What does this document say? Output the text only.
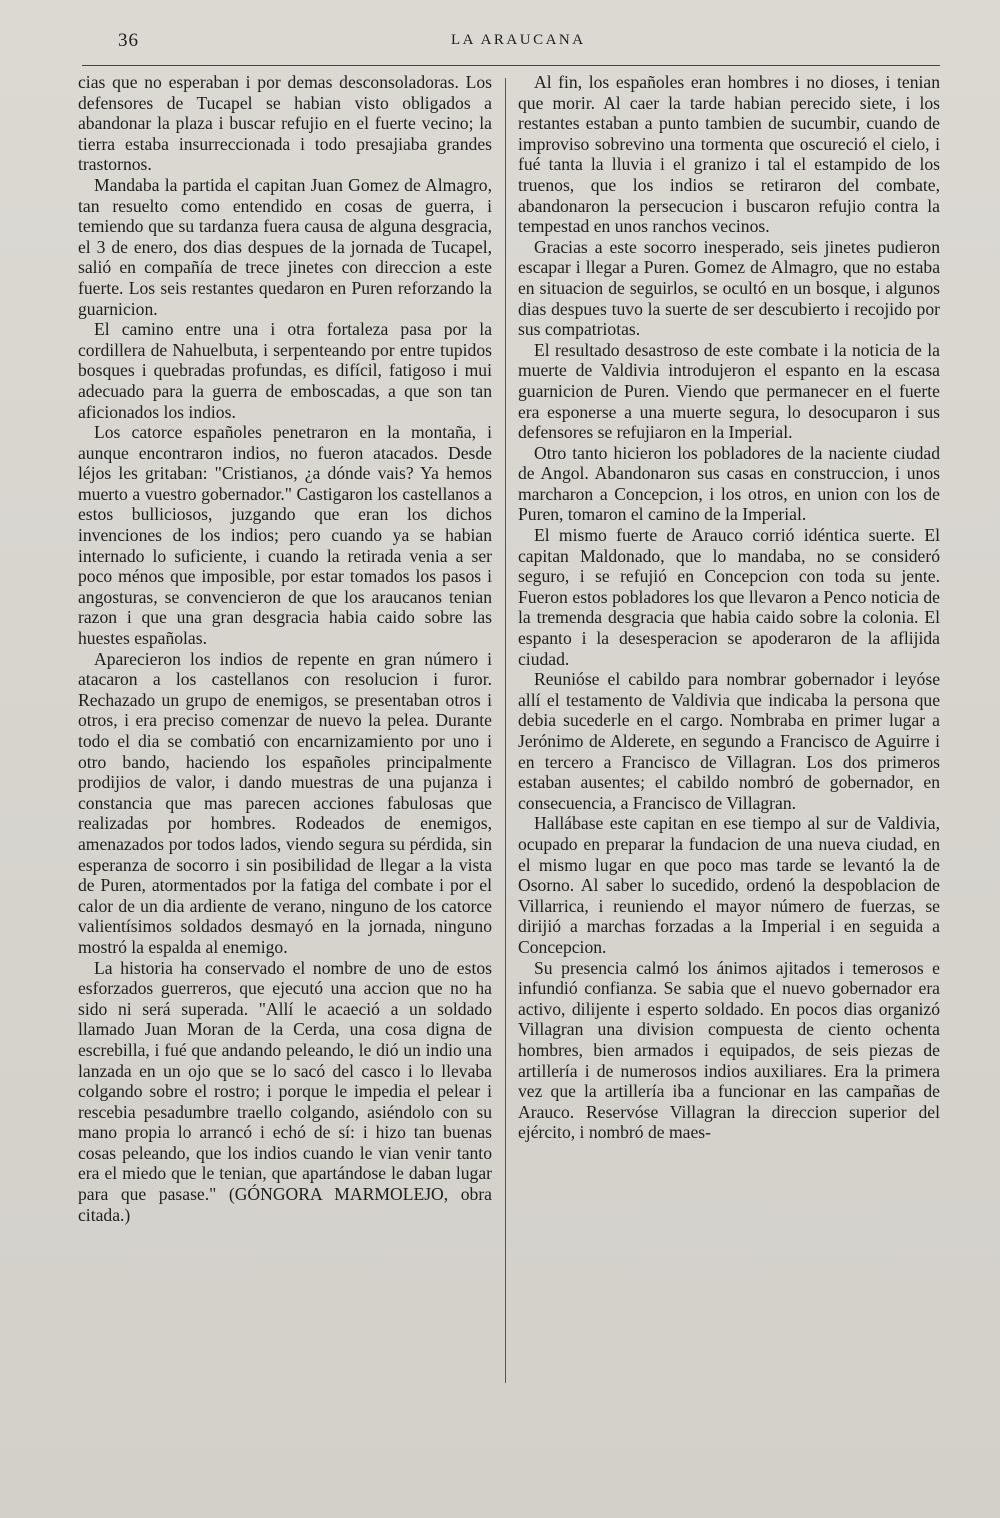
36	LA ARAUCANA

cias que no esperaban i por demas desconsoladoras. Los defensores de Tucapel se habian visto obligados a abandonar la plaza i buscar refujio en el fuerte vecino; la tierra estaba insurreccionada i todo presajiaba grandes trastornos.

Mandaba la partida el capitan Juan Gomez de Almagro, tan resuelto como entendido en cosas de guerra, i temiendo que su tardanza fuera causa de alguna desgracia, el 3 de enero, dos dias despues de la jornada de Tucapel, salió en compañía de trece jinetes con direccion a este fuerte. Los seis restantes quedaron en Puren reforzando la guarnicion.

El camino entre una i otra fortaleza pasa por la cordillera de Nahuelbuta, i serpenteando por entre tupidos bosques i quebradas profundas, es difícil, fatigoso i mui adecuado para la guerra de emboscadas, a que son tan aficionados los indios.

Los catorce españoles penetraron en la montaña, i aunque encontraron indios, no fueron atacados. Desde léjos les gritaban: "Cristianos, ¿a dónde vais? Ya hemos muerto a vuestro gobernador." Castigaron los castellanos a estos bulliciosos, juzgando que eran los dichos invenciones de los indios; pero cuando ya se habian internado lo suficiente, i cuando la retirada venia a ser poco ménos que imposible, por estar tomados los pasos i angosturas, se convencieron de que los araucanos tenian razon i que una gran desgracia habia caido sobre las huestes españolas.

Aparecieron los indios de repente en gran número i atacaron a los castellanos con resolucion i furor. Rechazado un grupo de enemigos, se presentaban otros i otros, i era preciso comenzar de nuevo la pelea. Durante todo el dia se combatió con encarnizamiento por uno i otro bando, haciendo los españoles principalmente prodijios de valor, i dando muestras de una pujanza i constancia que mas parecen acciones fabulosas que realizadas por hombres. Rodeados de enemigos, amenazados por todos lados, viendo segura su pérdida, sin esperanza de socorro i sin posibilidad de llegar a la vista de Puren, atormentados por la fatiga del combate i por el calor de un dia ardiente de verano, ninguno de los catorce valientísimos soldados desmayó en la jornada, ninguno mostró la espalda al enemigo.

La historia ha conservado el nombre de uno de estos esforzados guerreros, que ejecutó una accion que no ha sido ni será superada. "Allí le acaeció a un soldado llamado Juan Moran de la Cerda, una cosa digna de escrebilla, i fué que andando peleando, le dió un indio una lanzada en un ojo que se lo sacó del casco i lo llevaba colgando sobre el rostro; i porque le impedia el pelear i rescebia pesadumbre traello colgando, asiéndolo con su mano propia lo arrancó i echó de sí: i hizo tan buenas cosas peleando, que los indios cuando le vian venir tanto era el miedo que le tenian, que apartándose le daban lugar para que pasase." (GÓNGORA MARMOLEJO, obra citada.)

Al fin, los españoles eran hombres i no dioses, i tenian que morir. Al caer la tarde habian perecido siete, i los restantes estaban a punto tambien de sucumbir, cuando de improviso sobrevino una tormenta que oscureció el cielo, i fué tanta la lluvia i el granizo i tal el estampido de los truenos, que los indios se retiraron del combate, abandonaron la persecucion i buscaron refujio contra la tempestad en unos ranchos vecinos.

Gracias a este socorro inesperado, seis jinetes pudieron escapar i llegar a Puren. Gomez de Almagro, que no estaba en situacion de seguirlos, se ocultó en un bosque, i algunos dias despues tuvo la suerte de ser descubierto i recojido por sus compatriotas.

El resultado desastroso de este combate i la noticia de la muerte de Valdivia introdujeron el espanto en la escasa guarnicion de Puren. Viendo que permanecer en el fuerte era esponerse a una muerte segura, lo desocuparon i sus defensores se refujiaron en la Imperial.

Otro tanto hicieron los pobladores de la naciente ciudad de Angol. Abandonaron sus casas en construccion, i unos marcharon a Concepcion, i los otros, en union con los de Puren, tomaron el camino de la Imperial.

El mismo fuerte de Arauco corrió idéntica suerte. El capitan Maldonado, que lo mandaba, no se consideró seguro, i se refujió en Concepcion con toda su jente. Fueron estos pobladores los que llevaron a Penco noticia de la tremenda desgracia que habia caido sobre la colonia. El espanto i la desesperacion se apoderaron de la aflijida ciudad.

Reunióse el cabildo para nombrar gobernador i leyóse allí el testamento de Valdivia que indicaba la persona que debia sucederle en el cargo. Nombraba en primer lugar a Jerónimo de Alderete, en segundo a Francisco de Aguirre i en tercero a Francisco de Villagran. Los dos primeros estaban ausentes; el cabildo nombró de gobernador, en consecuencia, a Francisco de Villagran.

Hallábase este capitan en ese tiempo al sur de Valdivia, ocupado en preparar la fundacion de una nueva ciudad, en el mismo lugar en que poco mas tarde se levantó la de Osorno. Al saber lo sucedido, ordenó la despoblacion de Villarrica, i reuniendo el mayor número de fuerzas, se dirijió a marchas forzadas a la Imperial i en seguida a Concepcion.

Su presencia calmó los ánimos ajitados i temerosos e infundió confianza. Se sabia que el nuevo gobernador era activo, dilijente i esperto soldado. En pocos dias organizó Villagran una division compuesta de ciento ochenta hombres, bien armados i equipados, de seis piezas de artillería i de numerosos indios auxiliares. Era la primera vez que la artillería iba a funcionar en las campañas de Arauco. Reservóse Villagran la direccion superior del ejército, i nombró de maes-
